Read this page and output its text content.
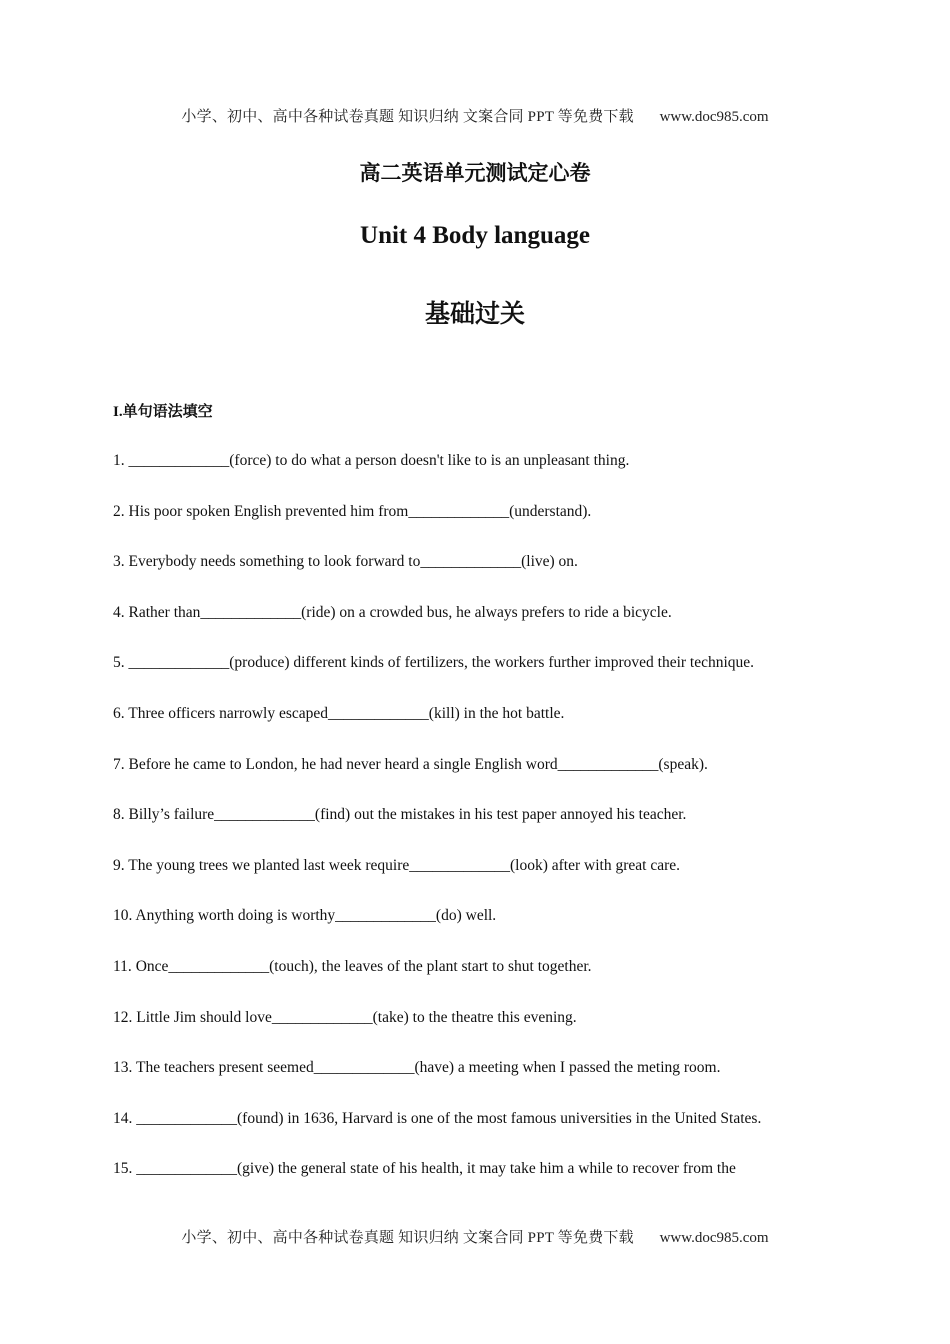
小学、初中、高中各种试卷真题 知识归纳 文案合同 PPT 等免费下载 www.doc985.com
高二英语单元测试定心卷
Unit 4 Body language
基础过关
I.单句语法填空
1. _____________(force) to do what a person doesn't like to is an unpleasant thing.
2. His poor spoken English prevented him from_____________(understand).
3. Everybody needs something to look forward to_____________(live) on.
4. Rather than_____________(ride) on a crowded bus, he always prefers to ride a bicycle.
5. _____________(produce) different kinds of fertilizers, the workers further improved their technique.
6. Three officers narrowly escaped_____________(kill) in the hot battle.
7. Before he came to London, he had never heard a single English word_____________(speak).
8. Billy’s failure_____________(find) out the mistakes in his test paper annoyed his teacher.
9. The young trees we planted last week require_____________(look) after with great care.
10. Anything worth doing is worthy_____________(do) well.
11. Once_____________(touch), the leaves of the plant start to shut together.
12. Little Jim should love_____________(take) to the theatre this evening.
13. The teachers present seemed_____________(have) a meeting when I passed the meting room.
14. _____________(found) in 1636, Harvard is one of the most famous universities in the United States.
15. _____________(give) the general state of his health, it may take him a while to recover from the
小学、初中、高中各种试卷真题 知识归纳 文案合同 PPT 等免费下载 www.doc985.com
